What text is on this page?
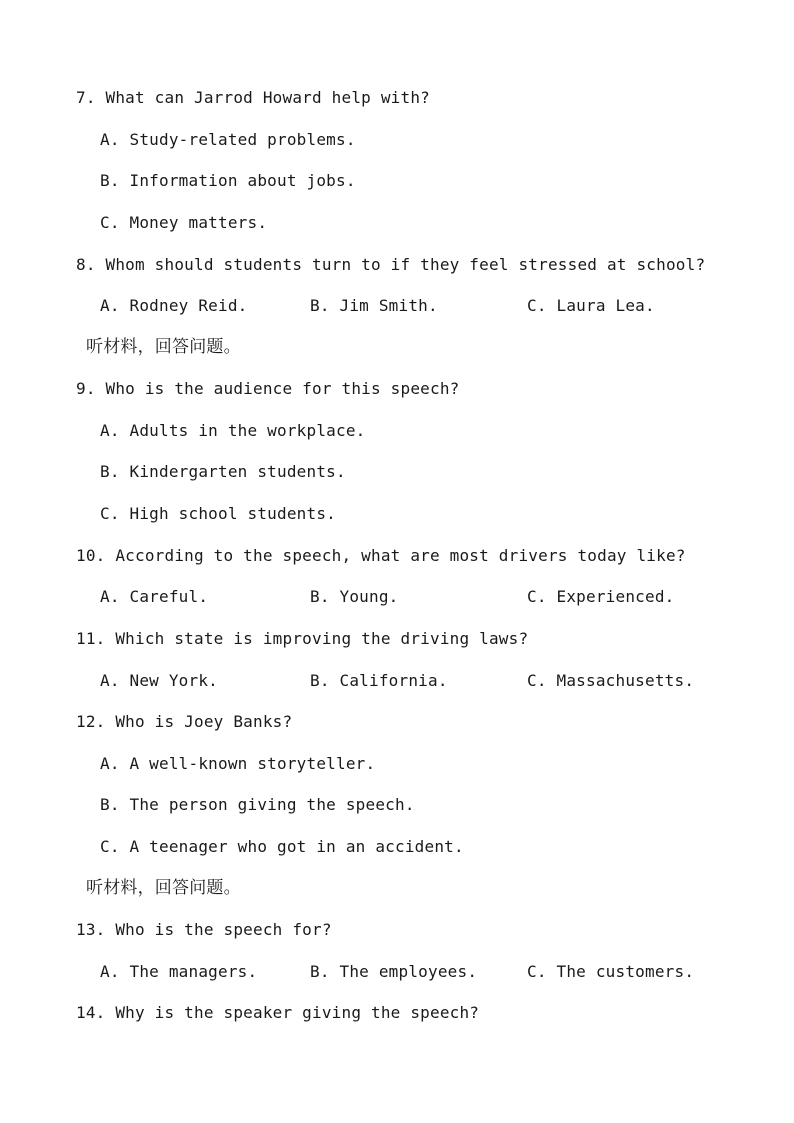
7. What can Jarrod Howard help with?
A. Study-related problems.
B. Information about jobs.
C. Money matters.
8. Whom should students turn to if they feel stressed at school?
A. Rodney Reid.	B. Jim Smith.	C. Laura Lea.
听材料，回答问题。
9. Who is the audience for this speech?
A. Adults in the workplace.
B. Kindergarten students.
C. High school students.
10. According to the speech, what are most drivers today like?
A. Careful.	B. Young.	C. Experienced.
11. Which state is improving the driving laws?
A. New York.	B. California.	C. Massachusetts.
12. Who is Joey Banks?
A. A well-known storyteller.
B. The person giving the speech.
C. A teenager who got in an accident.
听材料，回答问题。
13. Who is the speech for?
A. The managers.	B. The employees.	C. The customers.
14. Why is the speaker giving the speech?
